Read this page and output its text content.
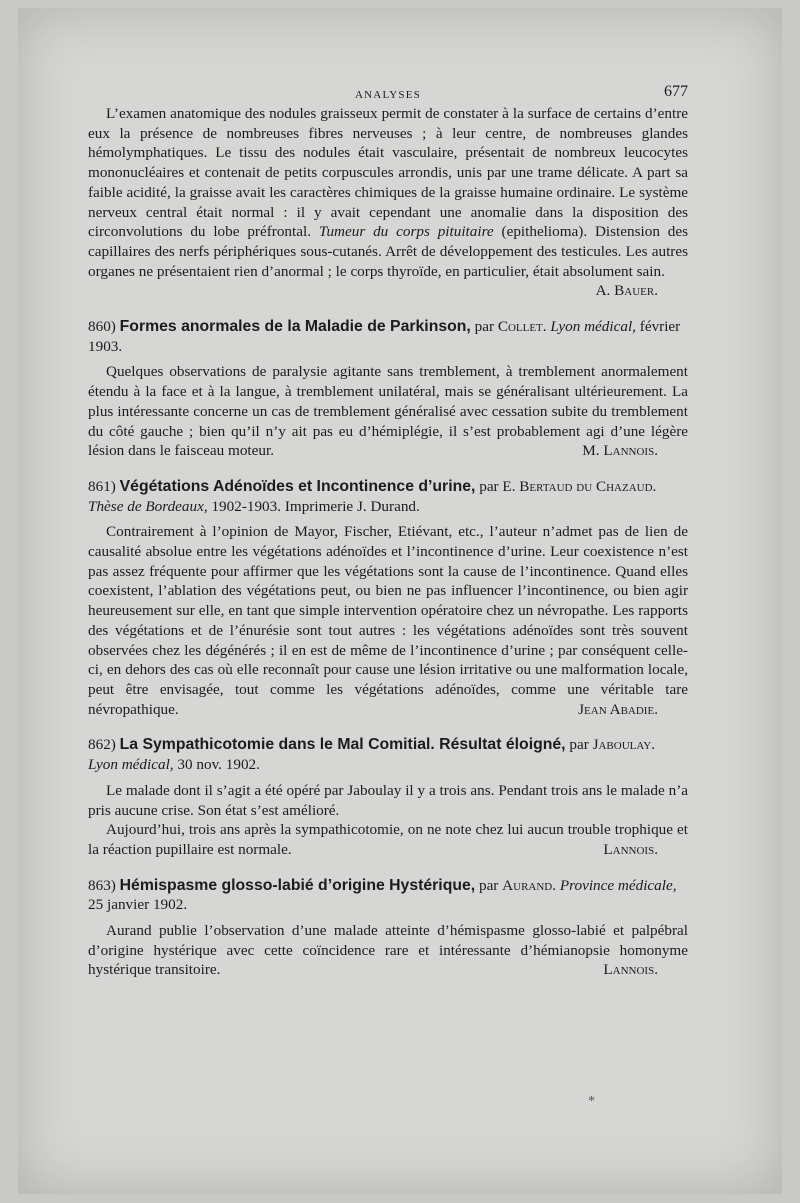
ANALYSES	677

L’examen anatomique des nodules graisseux permit de constater à la surface de certains d’entre eux la présence de nombreuses fibres nerveuses ; à leur centre, de nombreuses glandes hémolymphatiques. Le tissu des nodules était vasculaire, présentait de nombreux leucocytes mononucléaires et contenait de petits corpuscules arrondis, unis par une trame délicate. A part sa faible acidité, la graisse avait les caractères chimiques de la graisse humaine ordinaire. Le système nerveux central était normal : il y avait cependant une anomalie dans la disposition des circonvolutions du lobe préfrontal. Tumeur du corps pituitaire (epithelioma). Distension des capillaires des nerfs périphériques sous-cutanés. Arrêt de développement des testicules. Les autres organes ne présentaient rien d’anormal ; le corps thyroïde, en particulier, était absolument sain.

A. Bauer.

860) Formes anormales de la Maladie de Parkinson, par Collet. Lyon médical, février 1903.

Quelques observations de paralysie agitante sans tremblement, à tremblement anormalement étendu à la face et à la langue, à tremblement unilatéral, mais se généralisant ultérieurement. La plus intéressante concerne un cas de tremblement généralisé avec cessation subite du tremblement du côté gauche ; bien qu’il n’y ait pas eu d’hémiplégie, il s’est probablement agi d’une légère lésion dans le faisceau moteur.	M. Lannois.

861) Végétations Adénoïdes et Incontinence d’urine, par E. Bertaud du Chazaud. Thèse de Bordeaux, 1902-1903. Imprimerie J. Durand.

Contrairement à l’opinion de Mayor, Fischer, Etiévant, etc., l’auteur n’admet pas de lien de causalité absolue entre les végétations adénoïdes et l’incontinence d’urine. Leur coexistence n’est pas assez fréquente pour affirmer que les végétations sont la cause de l’incontinence. Quand elles coexistent, l’ablation des végétations peut, ou bien ne pas influencer l’incontinence, ou bien agir heureusement sur elle, en tant que simple intervention opératoire chez un névropathe. Les rapports des végétations et de l’énurésie sont tout autres : les végétations adénoïdes sont très souvent observées chez les dégénérés ; il en est de même de l’incontinence d’urine ; par conséquent celle-ci, en dehors des cas où elle reconnaît pour cause une lésion irritative ou une malformation locale, peut être envisagée, tout comme les végétations adénoïdes, comme une véritable tare névropathique.	Jean Abadie.

862) La Sympathicotomie dans le Mal Comitial. Résultat éloigné, par Jaboulay. Lyon médical, 30 nov. 1902.

Le malade dont il s’agit a été opéré par Jaboulay il y a trois ans. Pendant trois ans le malade n’a pris aucune crise. Son état s’est amélioré.

Aujourd’hui, trois ans après la sympathicotomie, on ne note chez lui aucun trouble trophique et la réaction pupillaire est normale.	Lannois.

863) Hémispasme glosso-labié d’origine Hystérique, par Aurand. Province médicale, 25 janvier 1902.

Aurand publie l’observation d’une malade atteinte d’hémispasme glosso-labié et palpébral d’origine hystérique avec cette coïncidence rare et intéressante d’hémianopsie homonyme hystérique transitoire.	Lannois.

*
